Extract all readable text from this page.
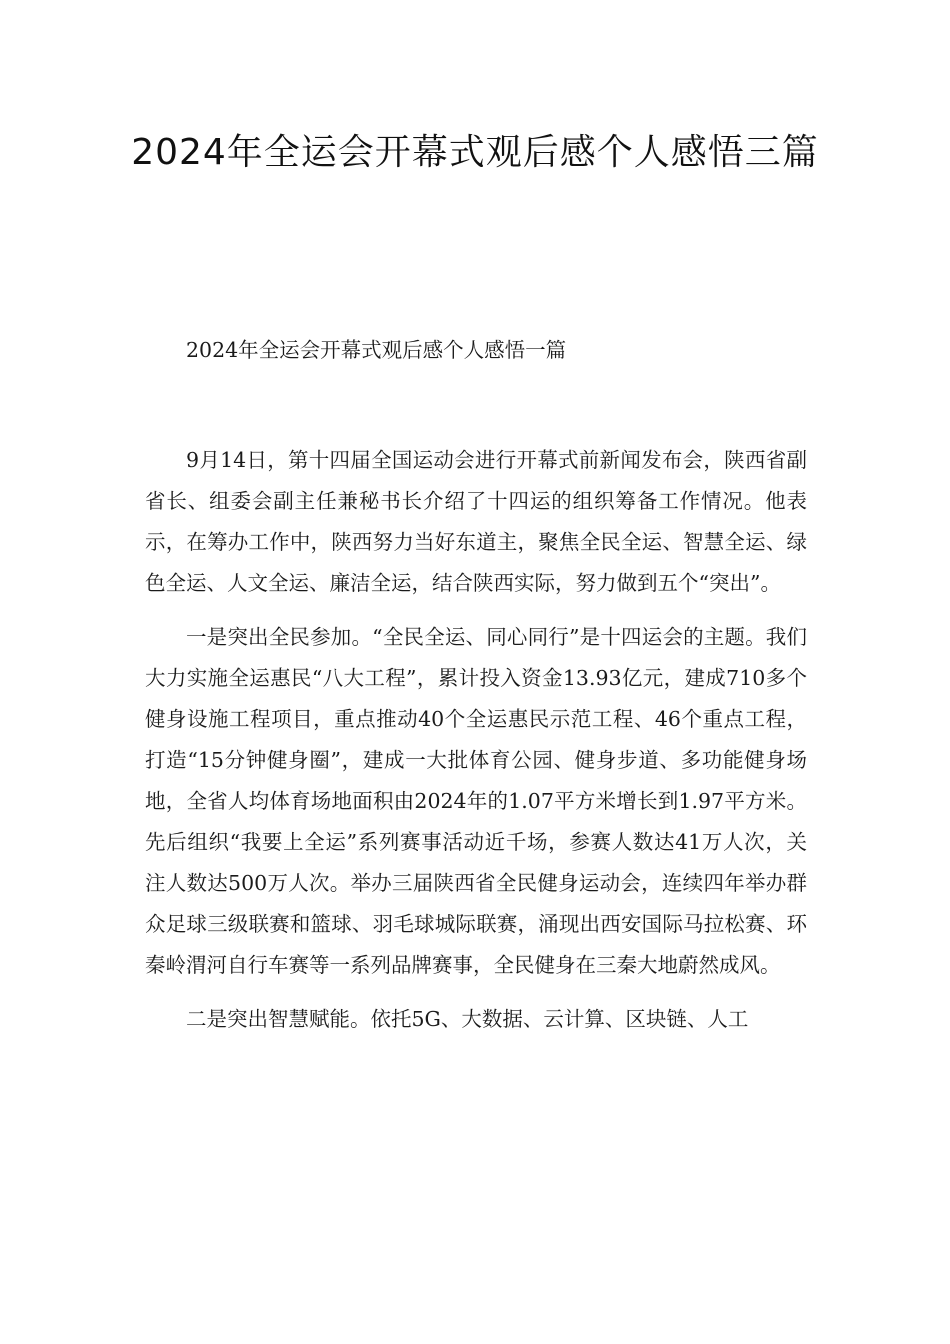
2024年全运会开幕式观后感个人感悟三篇

2024年全运会开幕式观后感个人感悟一篇

9月14日，第十四届全国运动会进行开幕式前新闻发布会，陕西省副省长、组委会副主任兼秘书长介绍了十四运的组织筹备工作情况。他表示，在筹办工作中，陕西努力当好东道主，聚焦全民全运、智慧全运、绿色全运、人文全运、廉洁全运，结合陕西实际，努力做到五个“突出”。

一是突出全民参加。“全民全运、同心同行”是十四运会的主题。我们大力实施全运惠民“八大工程”，累计投入资金13.93亿元，建成710多个健身设施工程项目，重点推动40个全运惠民示范工程、46个重点工程，打造“15分钟健身圈”，建成一大批体育公园、健身步道、多功能健身场地，全省人均体育场地面积由2024年的1.07平方米增长到1.97平方米。先后组织“我要上全运”系列赛事活动近千场，参赛人数达41万人次，关注人数达500万人次。举办三届陕西省全民健身运动会，连续四年举办群众足球三级联赛和篮球、羽毛球城际联赛，涌现出西安国际马拉松赛、环秦岭渭河自行车赛等一系列品牌赛事，全民健身在三秦大地蔚然成风。

二是突出智慧赋能。依托5G、大数据、云计算、区块链、人工
